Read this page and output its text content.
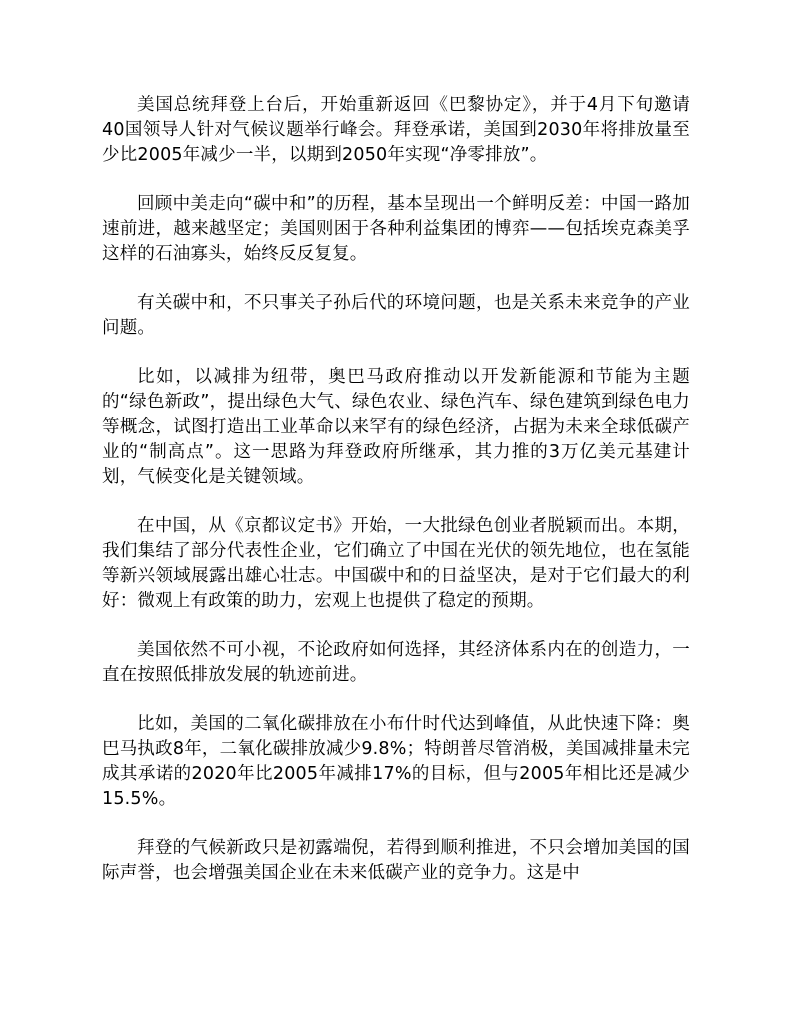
美国总统拜登上台后，开始重新返回《巴黎协定》，并于4月下旬邀请40国领导人针对气候议题举行峰会。拜登承诺，美国到2030年将排放量至少比2005年减少一半，以期到2050年实现“净零排放”。

回顾中美走向“碳中和”的历程，基本呈现出一个鲜明反差：中国一路加速前进，越来越坚定；美国则困于各种利益集团的博弈——包括埃克森美孚这样的石油寡头，始终反反复复。

有关碳中和，不只事关子孙后代的环境问题，也是关系未来竞争的产业问题。

比如，以减排为纽带，奥巴马政府推动以开发新能源和节能为主题的“绿色新政”，提出绿色大气、绿色农业、绿色汽车、绿色建筑到绿色电力等概念，试图打造出工业革命以来罕有的绿色经济，占据为未来全球低碳产业的“制高点”。这一思路为拜登政府所继承，其力推的3万亿美元基建计划，气候变化是关键领域。

在中国，从《京都议定书》开始，一大批绿色创业者脱颖而出。本期，我们集结了部分代表性企业，它们确立了中国在光伏的领先地位，也在氢能等新兴领域展露出雄心壮志。中国碳中和的日益坚决，是对于它们最大的利好：微观上有政策的助力，宏观上也提供了稳定的预期。

美国依然不可小视，不论政府如何选择，其经济体系内在的创造力，一直在按照低排放发展的轨迹前进。

比如，美国的二氧化碳排放在小布什时代达到峰值，从此快速下降：奥巴马执政8年，二氧化碳排放减少9.8%；特朗普尽管消极，美国减排量未完成其承诺的2020年比2005年减排17%的目标，但与2005年相比还是减少15.5%。

拜登的气候新政只是初露端倪，若得到顺利推进，不只会增加美国的国际声誉，也会增强美国企业在未来低碳产业的竞争力。这是中
